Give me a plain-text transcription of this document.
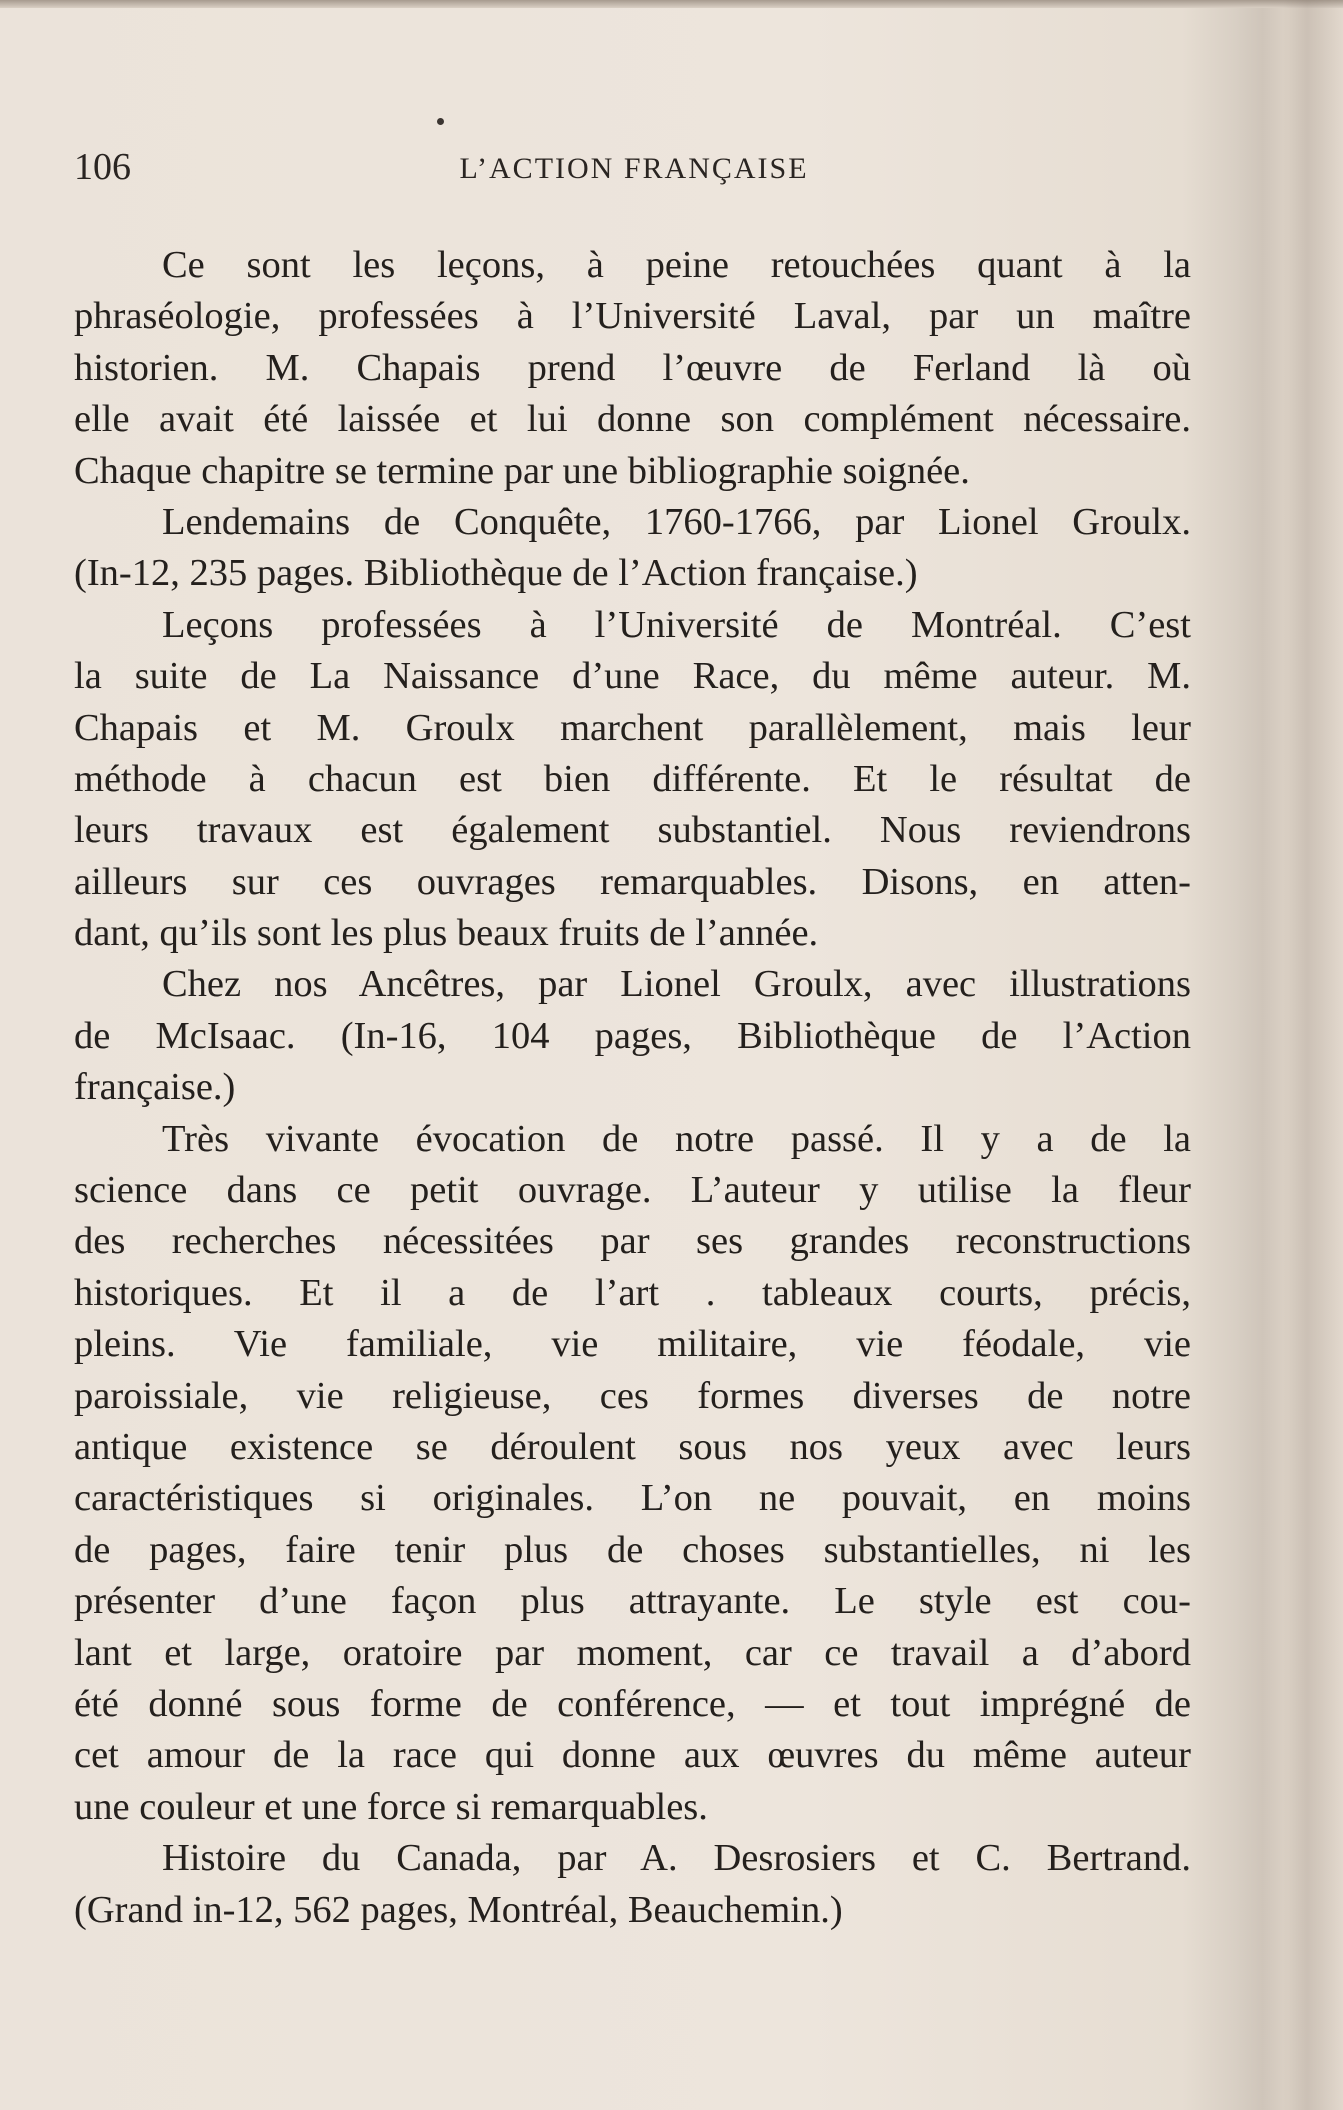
106	L’ACTION FRANÇAISE
Ce sont les leçons, à peine retouchées quant à la
phraséologie, professées à l’Université Laval, par un maître
historien. M. Chapais prend l’œuvre de Ferland là où
elle avait été laissée et lui donne son complément nécessaire.
Chaque chapitre se termine par une bibliographie soignée.
Lendemains de Conquête, 1760-1766, par Lionel Groulx.
(In-12, 235 pages. Bibliothèque de l’Action française.)
Leçons professées à l’Université de Montréal. C’est
la suite de La Naissance d’une Race, du même auteur. M.
Chapais et M. Groulx marchent parallèlement, mais leur
méthode à chacun est bien différente. Et le résultat de
leurs travaux est également substantiel. Nous reviendrons
ailleurs sur ces ouvrages remarquables. Disons, en atten-
dant, qu’ils sont les plus beaux fruits de l’année.
Chez nos Ancêtres, par Lionel Groulx, avec illustrations
de McIsaac. (In-16, 104 pages, Bibliothèque de l’Action
française.)
Très vivante évocation de notre passé. Il y a de la
science dans ce petit ouvrage. L’auteur y utilise la fleur
des recherches nécessitées par ses grandes reconstructions
historiques. Et il a de l’art . tableaux courts, précis,
pleins. Vie familiale, vie militaire, vie féodale, vie
paroissiale, vie religieuse, ces formes diverses de notre
antique existence se déroulent sous nos yeux avec leurs
caractéristiques si originales. L’on ne pouvait, en moins
de pages, faire tenir plus de choses substantielles, ni les
présenter d’une façon plus attrayante. Le style est cou-
lant et large, oratoire par moment, car ce travail a d’abord
été donné sous forme de conférence, — et tout imprégné de
cet amour de la race qui donne aux œuvres du même auteur
une couleur et une force si remarquables.
Histoire du Canada, par A. Desrosiers et C. Bertrand.
(Grand in-12, 562 pages, Montréal, Beauchemin.)
